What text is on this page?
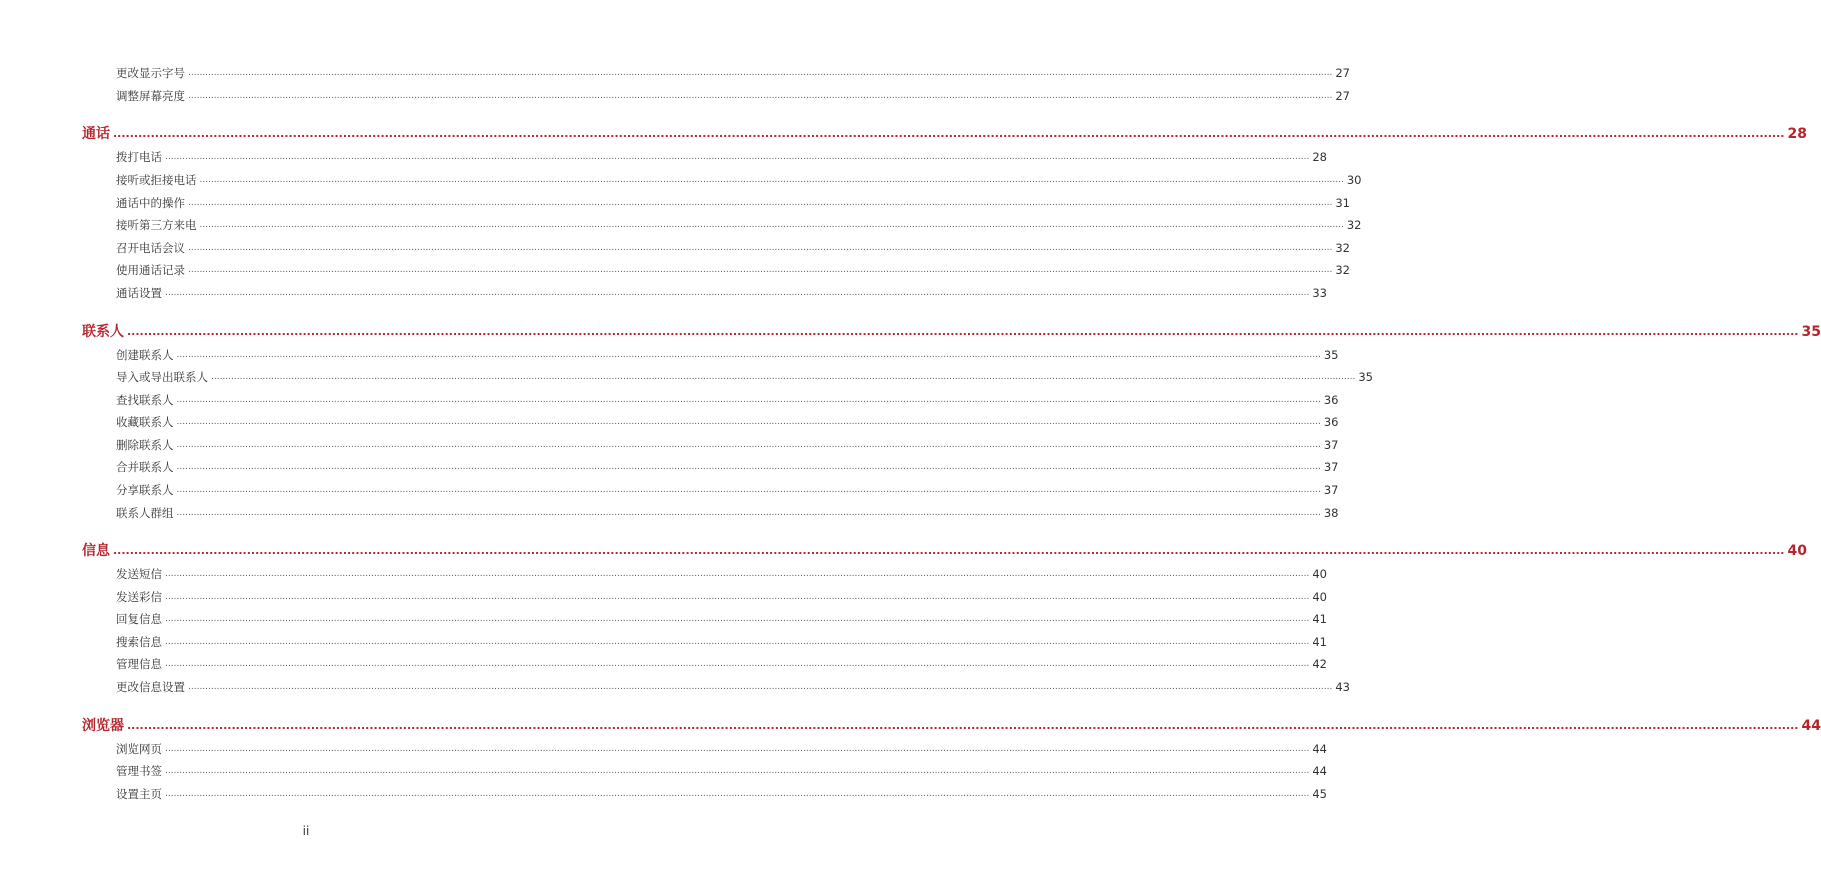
更改显示字号 ................................................................................................................................................................................................................................................................................................................................................................................................................ 27
调整屏幕亮度 ................................................................................................................................................................................................................................................................................................................................................................................................................ 27
通话 ................................................................................................................................................................................................................................................................................................................................................................................................................ 28
拨打电话 ................................................................................................................................................................................................................................................................................................................................................................................................................ 28
接听或拒接电话 ................................................................................................................................................................................................................................................................................................................................................................................................................ 30
通话中的操作 ................................................................................................................................................................................................................................................................................................................................................................................................................ 31
接听第三方来电 ................................................................................................................................................................................................................................................................................................................................................................................................................ 32
召开电话会议 ................................................................................................................................................................................................................................................................................................................................................................................................................ 32
使用通话记录 ................................................................................................................................................................................................................................................................................................................................................................................................................ 32
通话设置 ................................................................................................................................................................................................................................................................................................................................................................................................................ 33
联系人 ................................................................................................................................................................................................................................................................................................................................................................................................................ 35
创建联系人 ................................................................................................................................................................................................................................................................................................................................................................................................................ 35
导入或导出联系人 ................................................................................................................................................................................................................................................................................................................................................................................................................ 35
查找联系人 ................................................................................................................................................................................................................................................................................................................................................................................................................ 36
收藏联系人 ................................................................................................................................................................................................................................................................................................................................................................................................................ 36
删除联系人 ................................................................................................................................................................................................................................................................................................................................................................................................................ 37
合并联系人 ................................................................................................................................................................................................................................................................................................................................................................................................................ 37
分享联系人 ................................................................................................................................................................................................................................................................................................................................................................................................................ 37
联系人群组 ................................................................................................................................................................................................................................................................................................................................................................................................................ 38
信息 ................................................................................................................................................................................................................................................................................................................................................................................................................ 40
发送短信 ................................................................................................................................................................................................................................................................................................................................................................................................................ 40
发送彩信 ................................................................................................................................................................................................................................................................................................................................................................................................................ 40
回复信息 ................................................................................................................................................................................................................................................................................................................................................................................................................ 41
搜索信息 ................................................................................................................................................................................................................................................................................................................................................................................................................ 41
管理信息 ................................................................................................................................................................................................................................................................................................................................................................................................................ 42
更改信息设置 ................................................................................................................................................................................................................................................................................................................................................................................................................ 43
浏览器 ................................................................................................................................................................................................................................................................................................................................................................................................................ 44
浏览网页 ................................................................................................................................................................................................................................................................................................................................................................................................................ 44
管理书签 ................................................................................................................................................................................................................................................................................................................................................................................................................ 44
设置主页 ................................................................................................................................................................................................................................................................................................................................................................................................................ 45
ii
